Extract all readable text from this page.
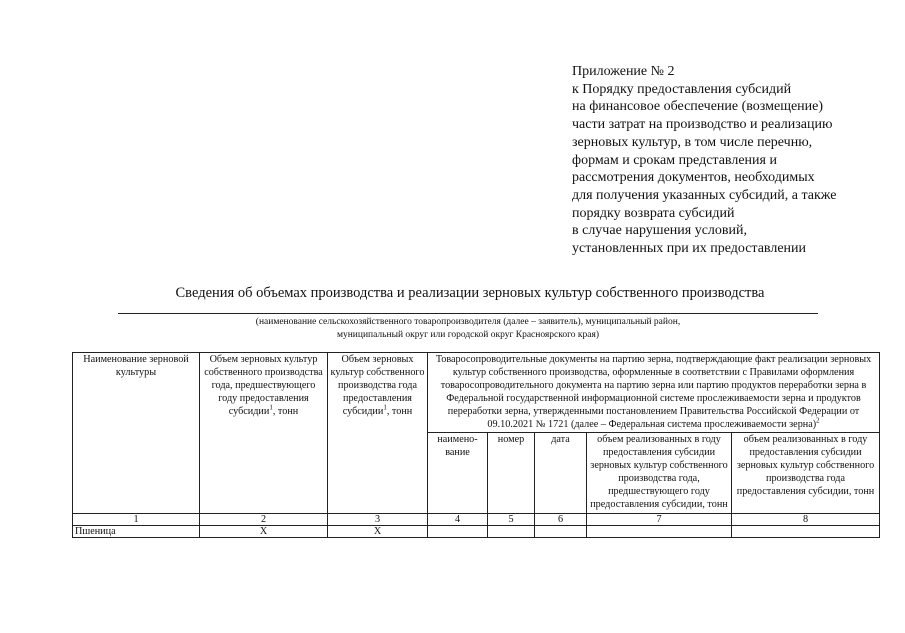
Приложение № 2
к Порядку предоставления субсидий
на финансовое обеспечение (возмещение)
части затрат на производство и реализацию
зерновых культур, в том числе перечню,
формам и срокам представления и
рассмотрения документов, необходимых
для получения указанных субсидий, а также
порядку возврата субсидий
в случае нарушения условий,
установленных при их предоставлении
Сведения об объемах производства и реализации зерновых культур собственного производства
(наименование сельскохозяйственного товаропроизводителя (далее – заявитель), муниципальный район,
муниципальный округ или городской округ Красноярского края)
Наименование зерновой культуры	Объем зерновых культур собственного производства года, предшествующего году предоставления субсидии$^1$, тонн	Объем зерновых культур собственного производства года предоставления субсидии$^1$, тонн	Товаросопроводительные документы на партию зерна, подтверждающие факт реализации зерновых культур собственного производства, оформленные в соответствии с Правилами оформления товаросопроводительного документа на партию зерна или партию продуктов переработки зерна в Федеральной государственной информационной системе прослеживаемости зерна и продуктов переработки зерна, утвержденными постановлением Правительства Российской Федерации от 09.10.2021 № 1721 (далее – Федеральная система прослеживаемости зерна)$^2$
			наимено-вание	номер	дата	объем реализованных в году предоставления субсидии зерновых культур собственного производства года, предшествующего году предоставления субсидии, тонн	объем реализованных в году предоставления субсидии зерновых культур собственного производства года предоставления субсидии, тонн
1	2	3	4	5	6	7	8
Пшеница	Х	Х					
